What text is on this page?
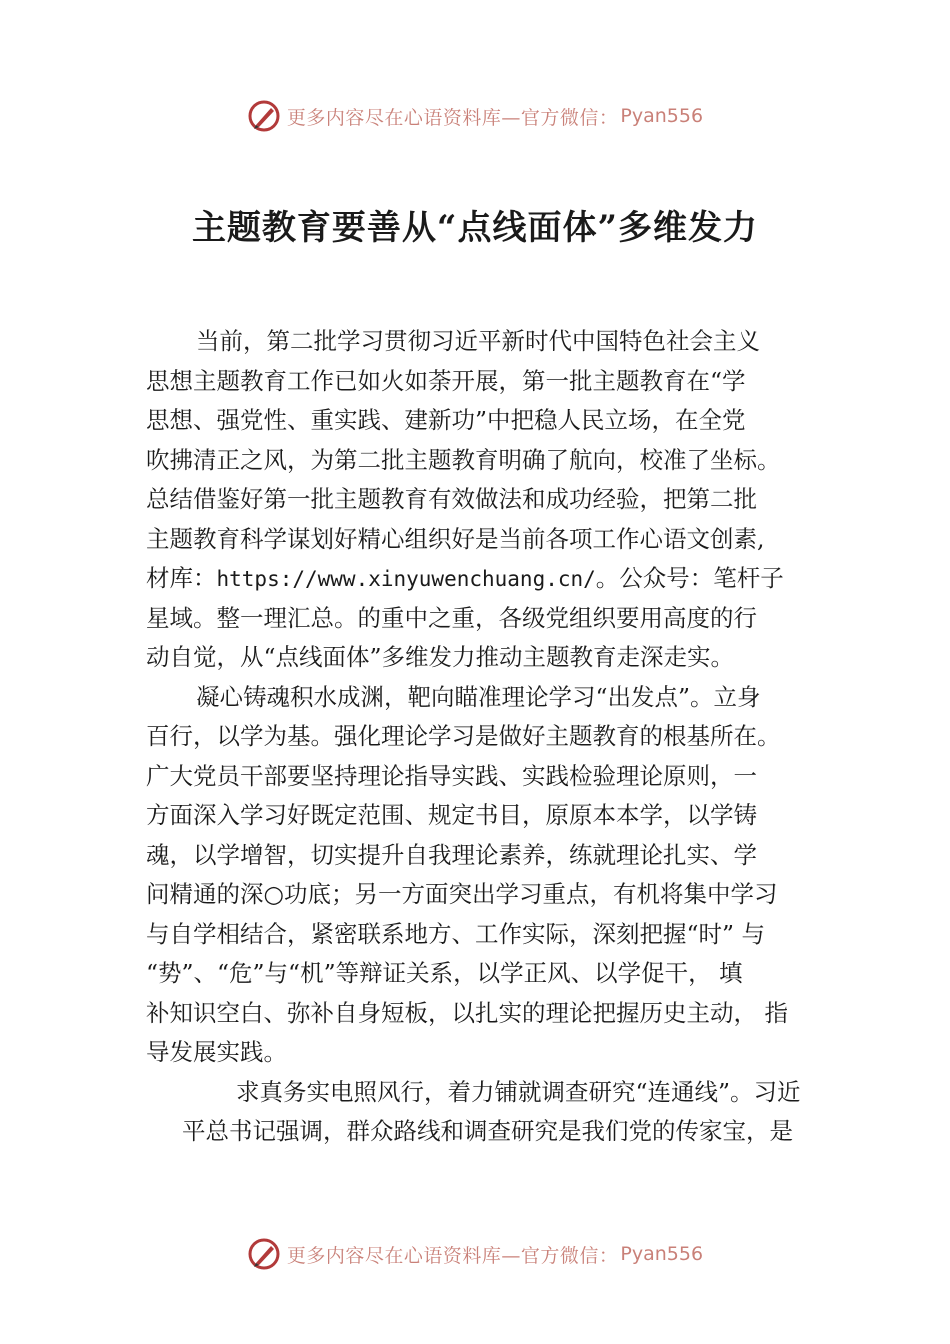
更多内容尽在心语资料库—官方微信： Pyan556
主题教育要善从“点线面体”多维发力

当前，第二批学习贯彻习近平新时代中国特色社会主义

思想主题教育工作已如火如荼开展，第一批主题教育在“学

思想、强党性、重实践、建新功”中把稳人民立场，在全党

吹拂清正之风，为第二批主题教育明确了航向，校准了坐标。

总结借鉴好第一批主题教育有效做法和成功经验，把第二批

主题教育科学谋划好精心组织好是当前各项工作心语文创素,

材库：https://www.xinyuwenchuang.cn/。公众号：笔杆子

星域。整一理汇总。的重中之重，各级党组织要用高度的行

动自觉，从“点线面体”多维发力推动主题教育走深走实。

凝心铸魂积水成渊，靶向瞄准理论学习“出发点”。立身

百行，以学为基。强化理论学习是做好主题教育的根基所在。

广大党员干部要坚持理论指导实践、实践检验理论原则，一

方面深入学习好既定范围、规定书目，原原本本学，以学铸

魂，以学增智，切实提升自我理论素养，练就理论扎实、学

问精通的深○功底；另一方面突出学习重点，有机将集中学习

与自学相结合，紧密联系地方、工作实际，深刻把握“时” 与

“势”、“危”与“机”等辩证关系，以学正风、以学促干， 填

补知识空白、弥补自身短板，以扎实的理论把握历史主动， 指

导发展实践。

求真务实电照风行，着力铺就调查研究“连通线”。习近

平总书记强调，群众路线和调查研究是我们党的传家宝，是

更多内容尽在心语资料库—官方微信： Pyan556
